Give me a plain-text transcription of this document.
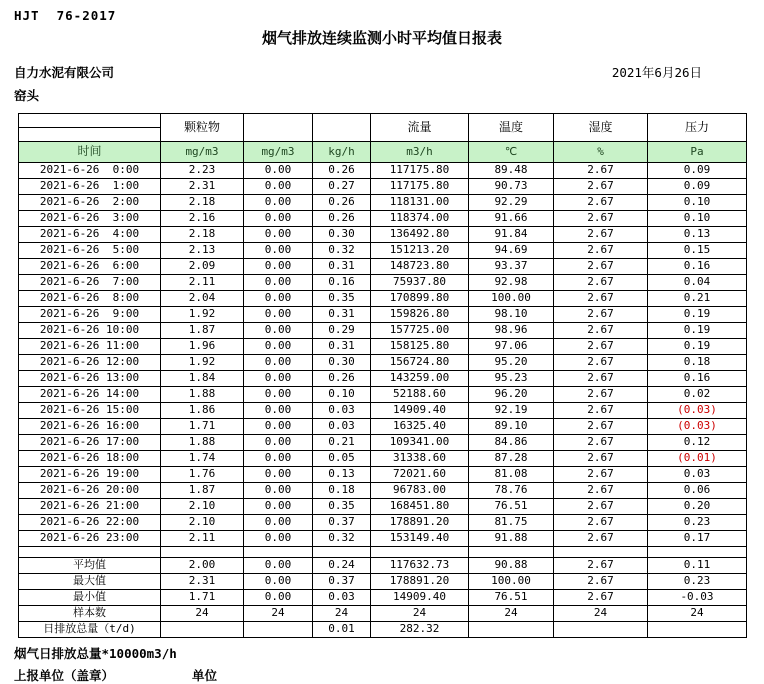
HJT  76-2017
烟气排放连续监测小时平均值日报表
自力水泥有限公司
窑头
2021年6月26日
	颗粒物			流量	温度	湿度	压力

时间	mg/m3	mg/m3	kg/h	m3/h	℃	%	Pa
2021-6-26  0:00	2.23	0.00	0.26	117175.80	89.48	2.67	0.09
2021-6-26  1:00	2.31	0.00	0.27	117175.80	90.73	2.67	0.09
2021-6-26  2:00	2.18	0.00	0.26	118131.00	92.29	2.67	0.10
2021-6-26  3:00	2.16	0.00	0.26	118374.00	91.66	2.67	0.10
2021-6-26  4:00	2.18	0.00	0.30	136492.80	91.84	2.67	0.13
2021-6-26  5:00	2.13	0.00	0.32	151213.20	94.69	2.67	0.15
2021-6-26  6:00	2.09	0.00	0.31	148723.80	93.37	2.67	0.16
2021-6-26  7:00	2.11	0.00	0.16	75937.80	92.98	2.67	0.04
2021-6-26  8:00	2.04	0.00	0.35	170899.80	100.00	2.67	0.21
2021-6-26  9:00	1.92	0.00	0.31	159826.80	98.10	2.67	0.19
2021-6-26 10:00	1.87	0.00	0.29	157725.00	98.96	2.67	0.19
2021-6-26 11:00	1.96	0.00	0.31	158125.80	97.06	2.67	0.19
2021-6-26 12:00	1.92	0.00	0.30	156724.80	95.20	2.67	0.18
2021-6-26 13:00	1.84	0.00	0.26	143259.00	95.23	2.67	0.16
2021-6-26 14:00	1.88	0.00	0.10	52188.60	96.20	2.67	0.02
2021-6-26 15:00	1.86	0.00	0.03	14909.40	92.19	2.67	(0.03)
2021-6-26 16:00	1.71	0.00	0.03	16325.40	89.10	2.67	(0.03)
2021-6-26 17:00	1.88	0.00	0.21	109341.00	84.86	2.67	0.12
2021-6-26 18:00	1.74	0.00	0.05	31338.60	87.28	2.67	(0.01)
2021-6-26 19:00	1.76	0.00	0.13	72021.60	81.08	2.67	0.03
2021-6-26 20:00	1.87	0.00	0.18	96783.00	78.76	2.67	0.06
2021-6-26 21:00	2.10	0.00	0.35	168451.80	76.51	2.67	0.20
2021-6-26 22:00	2.10	0.00	0.37	178891.20	81.75	2.67	0.23
2021-6-26 23:00	2.11	0.00	0.32	153149.40	91.88	2.67	0.17

平均值	2.00	0.00	0.24	117632.73	90.88	2.67	0.11
最大值	2.31	0.00	0.37	178891.20	100.00	2.67	0.23
最小值	1.71	0.00	0.03	14909.40	76.51	2.67	-0.03
样本数	24	24	24	24	24	24	24
日排放总量（t/d)			0.01	282.32			
烟气日排放总量*10000m3/h
上报单位（盖章）	单位
